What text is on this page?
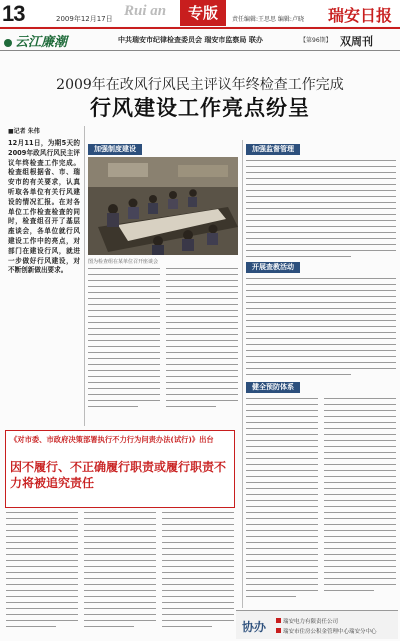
13	2009年12月17日 Rui an	专版	责任编辑:王思思 编辑:卢晓 瑞安日报
云江廉潮	中共瑞安市纪律检查委员会 瑞安市监察局 联办	【第96期】 双周刊
2009年在改风行风民主评议年终检查工作完成
行风建设工作亮点纷呈
■记者 朱伟
12月11日，为期5天的2009年政风行风民主评议年终检查工作完成。检查组根据省、市、瑞安市的有关要求，认真听取各单位有关行风建设的情况汇报。在对各单位工作检查检查的同时，检查组召开了基层座谈会，各单位就行风建设工作中的亮点，对部门在建设行风，就进一步做好行风建设，对不断创新做出要求。
加强制度建设	加强监督管理
开展查教活动
健全预防体系
图为检查组在某单位召开座谈会
《对市委、市政府决策部署执行不力行为问责办法(试行)》出台
因不履行、不正确履行职责或履行职责不力将被追究责任
协办	瑞安电力有限责任公司
瑞安市住房公积金管理中心瑞安分中心
